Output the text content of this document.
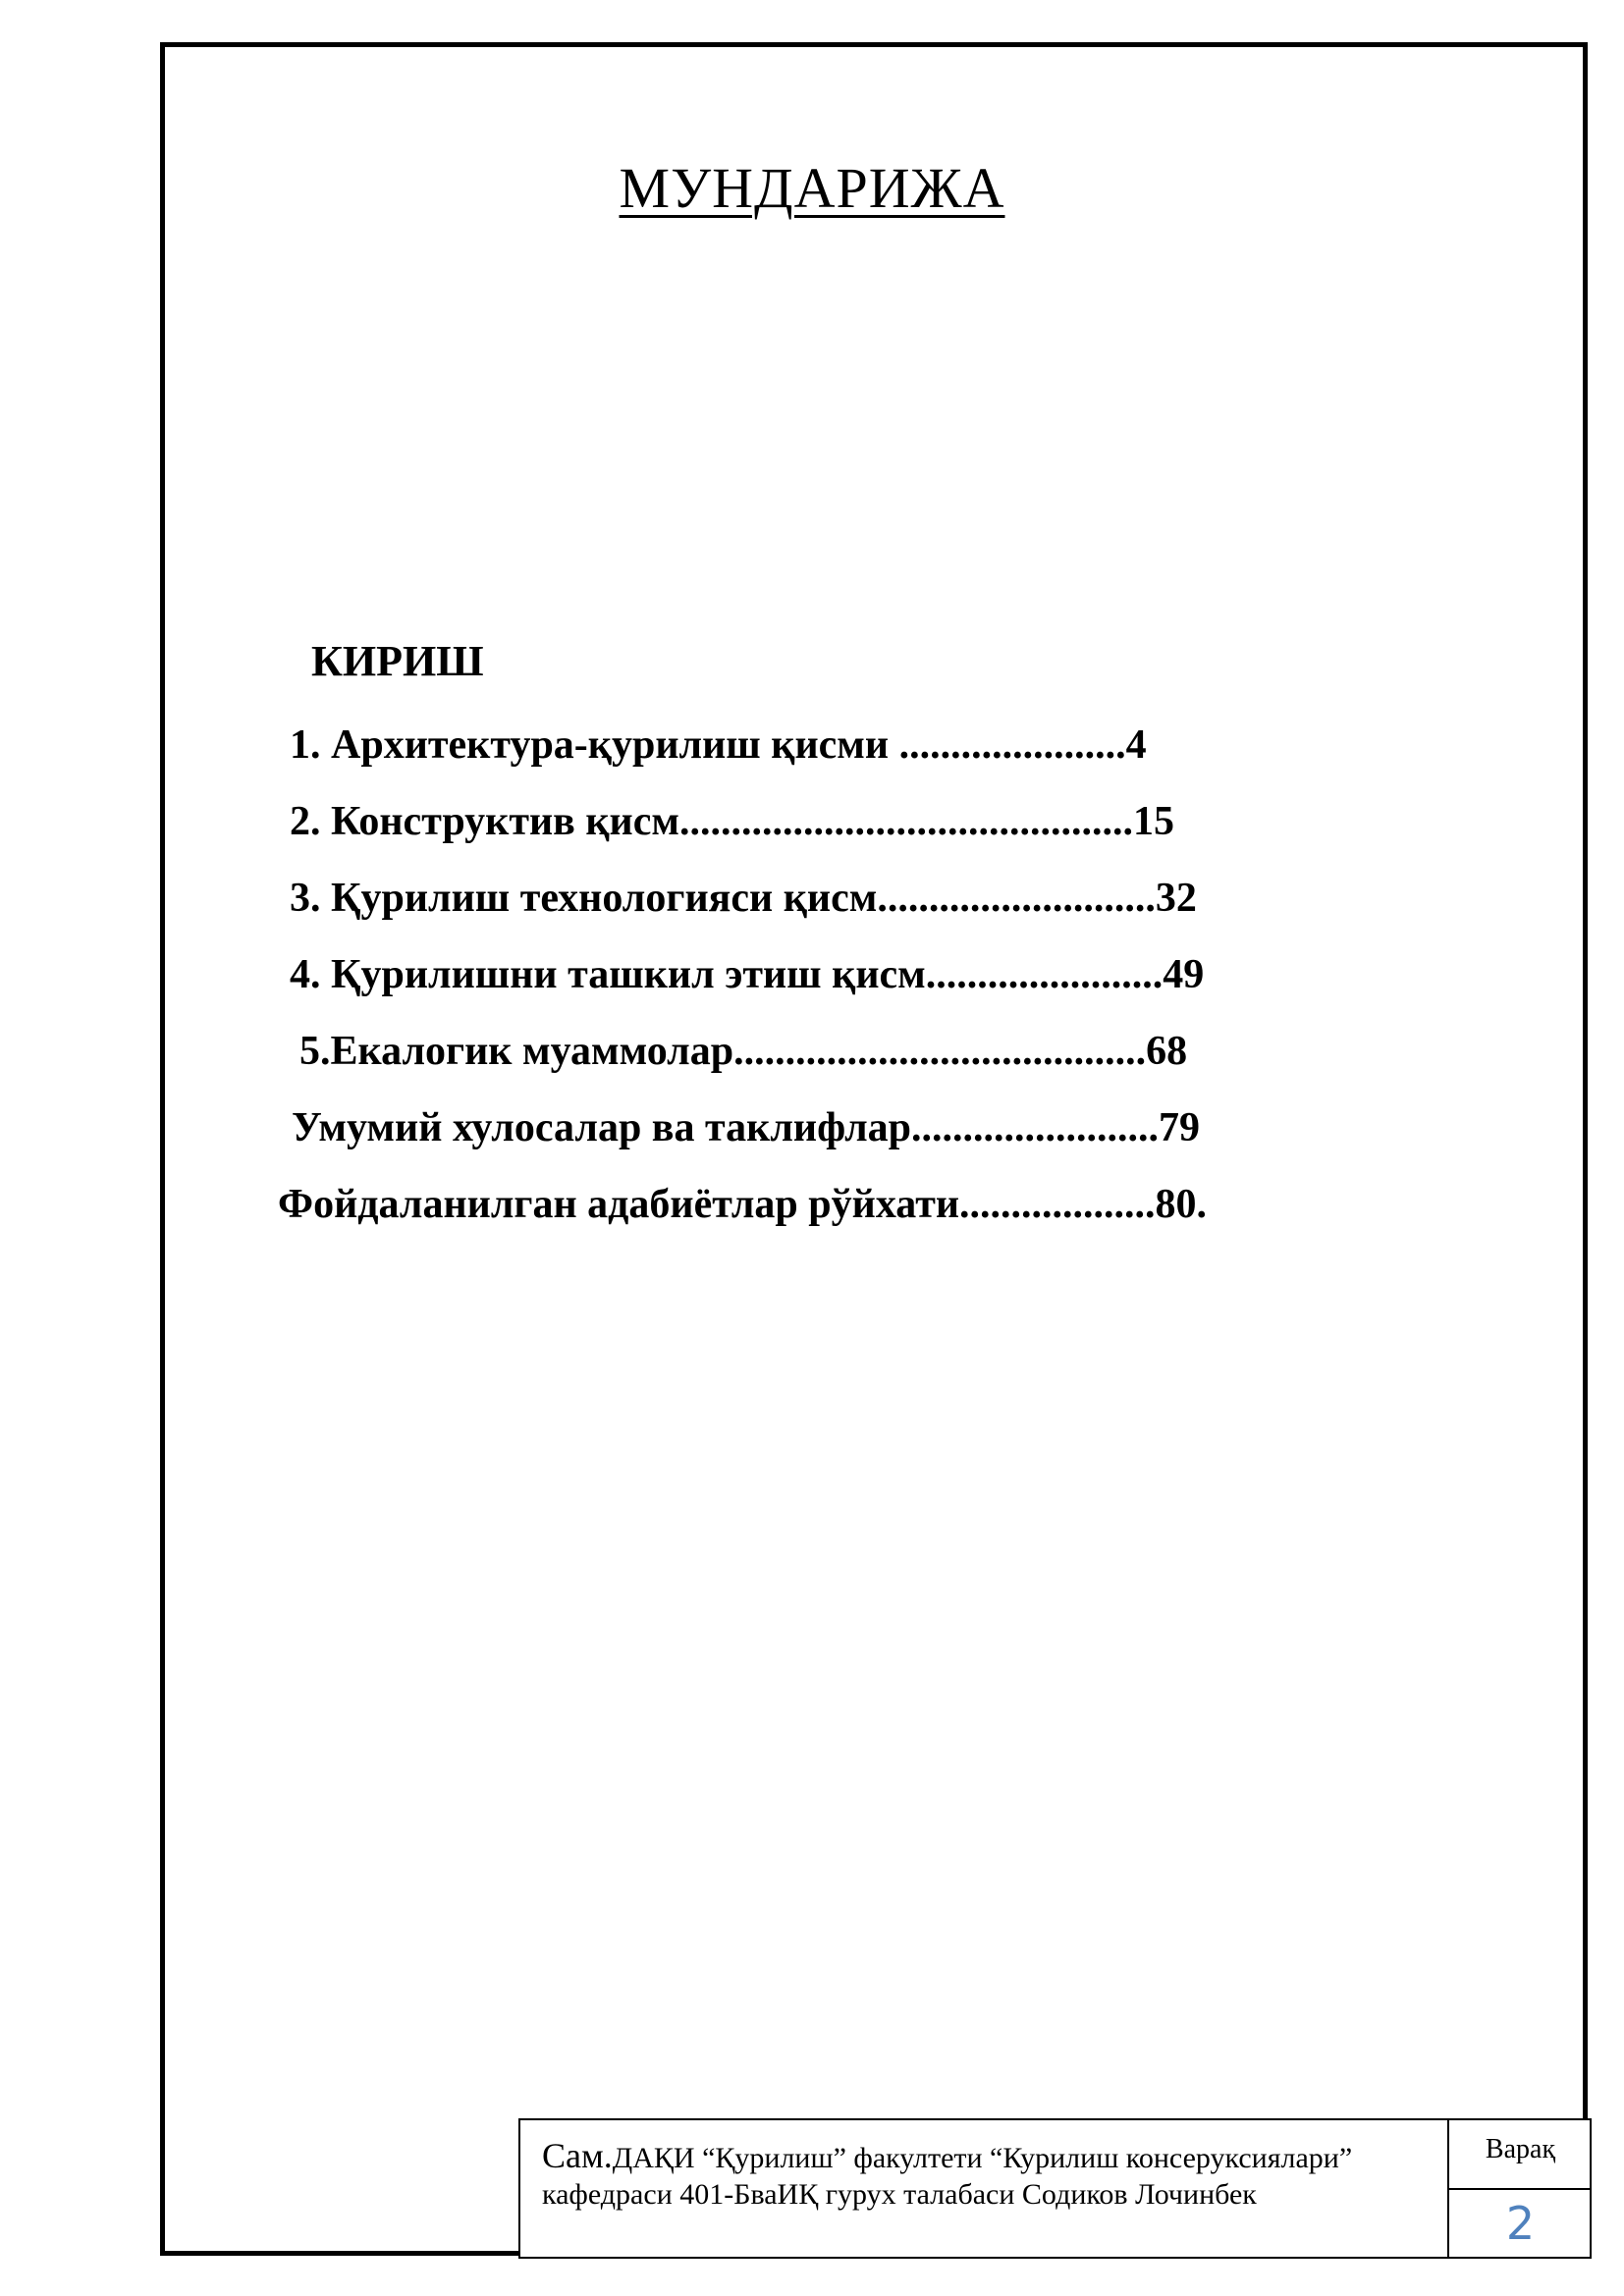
МУНДАРИЖА
КИРИШ
1. Архитектура-қурилиш қисми ......................4
2. Конструктив қисм............................................15
3. Қурилиш технологияси қисм...........................32
4. Қурилишни ташкил этиш қисм.......................49
5.Екалогик муаммолар........................................68
Умумий хулосалар ва таклифлар........................79
Фойдаланилган адабиётлар рўйхати...................80.
Сам.ДАҚИ “Қурилиш” факултети “Курилиш консеруксиялари”
кафедраси 401-БваИҚ гурух талабаси Содиков Лочинбек
Варақ
2
